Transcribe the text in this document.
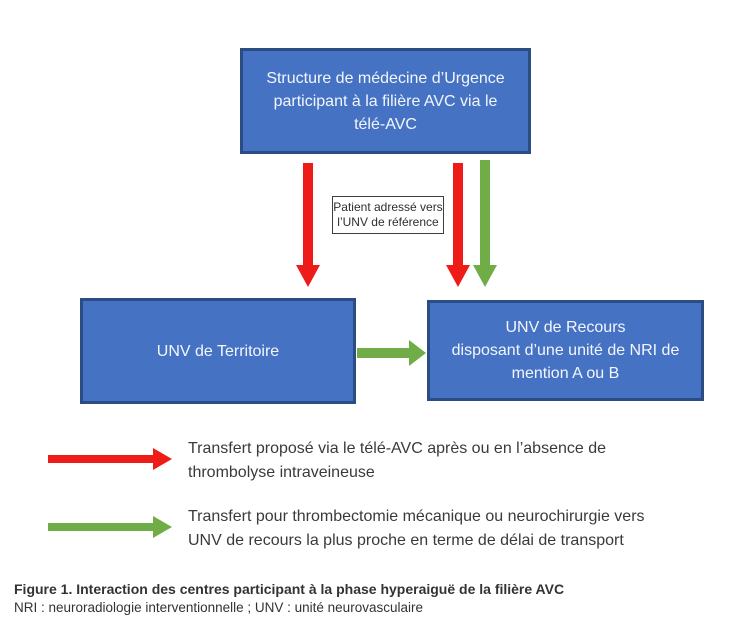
Structure de médecine d’Urgence
participant à la filière AVC via le
télé-AVC
Patient adressé vers
l’UNV de référence
UNV de Territoire
UNV de Recours
disposant d’une unité de NRI de
mention A ou B
Transfert proposé via le télé-AVC après ou en l’absence de
thrombolyse intraveineuse
Transfert pour thrombectomie mécanique ou neurochirurgie vers
UNV de recours la plus proche en terme de délai de transport
Figure 1. Interaction des centres participant à la phase hyperaiguë de la filière AVC
NRI : neuroradiologie interventionnelle ; UNV : unité neurovasculaire
